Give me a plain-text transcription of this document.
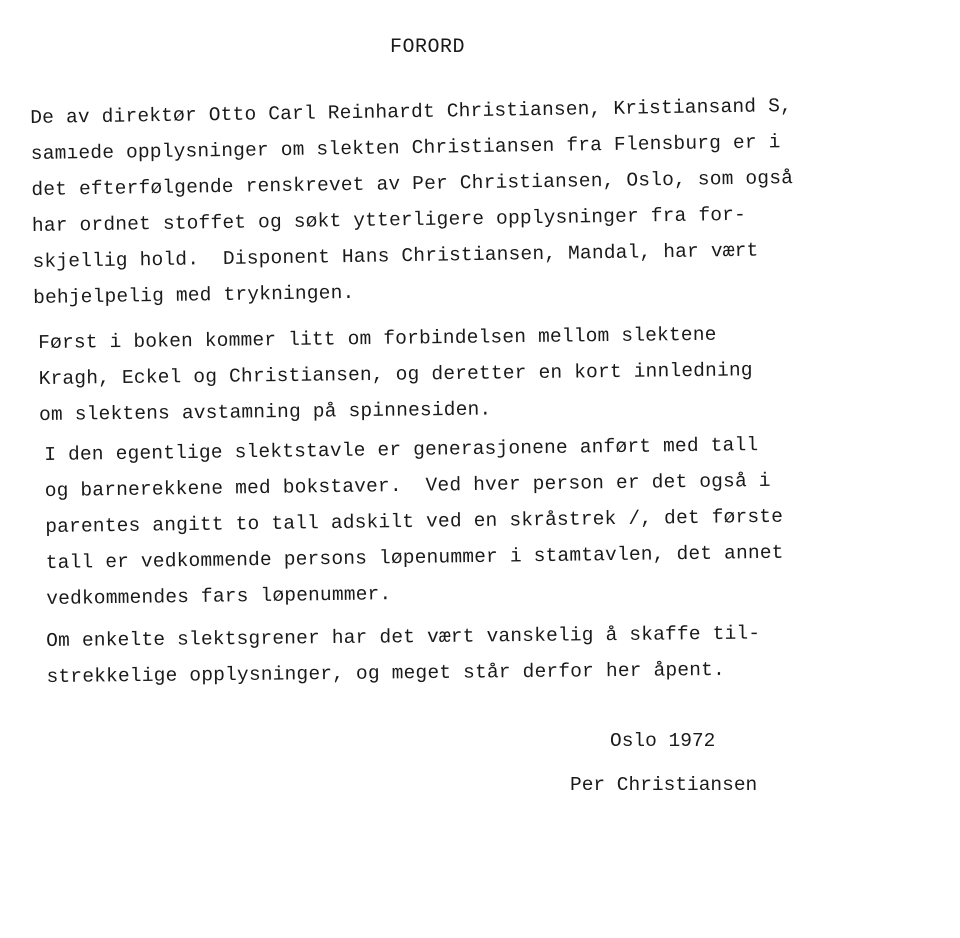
FORORD
De av direktør Otto Carl Reinhardt Christiansen, Kristiansand S,
samıede opplysninger om slekten Christiansen fra Flensburg er i
det efterfølgende renskrevet av Per Christiansen, Oslo, som også
har ordnet stoffet og søkt ytterligere opplysninger fra for-
skjellig hold.  Disponent Hans Christiansen, Mandal, har vært
behjelpelig med trykningen.
Først i boken kommer litt om forbindelsen mellom slektene
Kragh, Eckel og Christiansen, og deretter en kort innledning
om slektens avstamning på spinnesiden.
I den egentlige slektstavle er generasjonene anført med tall
og barnerekkene med bokstaver.  Ved hver person er det også i
parentes angitt to tall adskilt ved en skråstrek /, det første
tall er vedkommende persons løpenummer i stamtavlen, det annet
vedkommendes fars løpenummer.
Om enkelte slektsgrener har det vært vanskelig å skaffe til-
strekkelige opplysninger, og meget står derfor her åpent.
Oslo 1972
Per Christiansen
